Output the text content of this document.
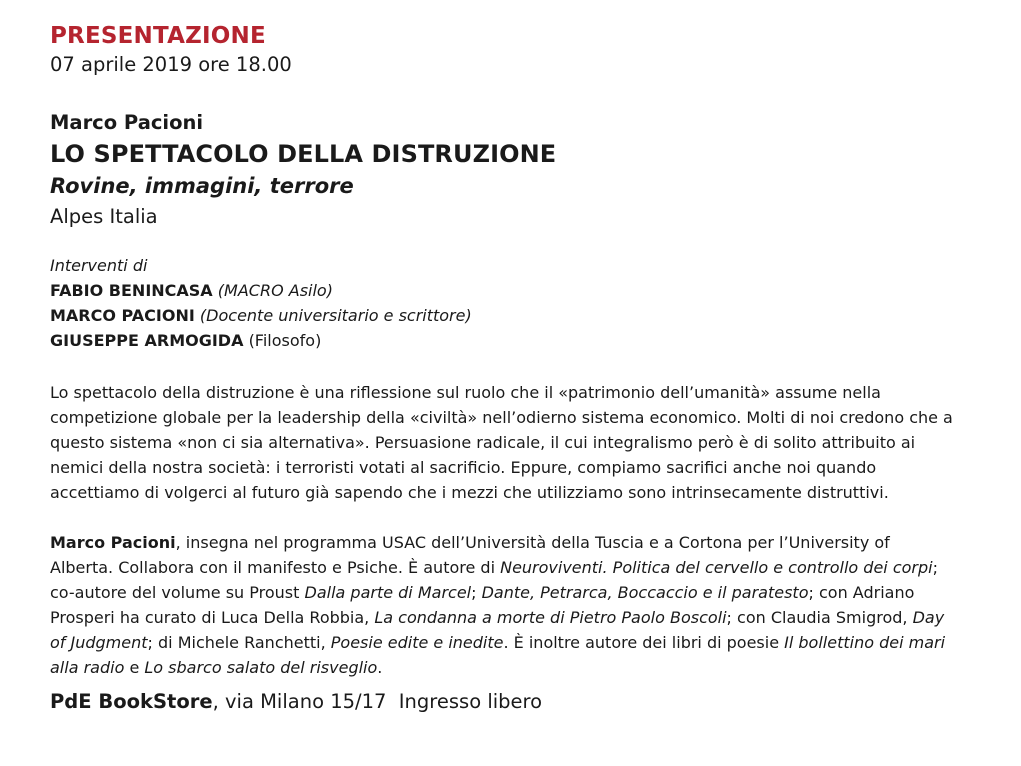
PRESENTAZIONE
07 aprile 2019 ore 18.00
Marco Pacioni
LO SPETTACOLO DELLA DISTRUZIONE
Rovine, immagini, terrore
Alpes Italia
Interventi di
FABIO BENINCASA (MACRO Asilo)
MARCO PACIONI (Docente universitario e scrittore)
GIUSEPPE ARMOGIDA (Filosofo)
Lo spettacolo della distruzione è una riflessione sul ruolo che il «patrimonio dell’umanità» assume nella competizione globale per la leadership della «civiltà» nell’odierno sistema economico. Molti di noi credono che a questo sistema «non ci sia alternativa». Persuasione radicale, il cui integralismo però è di solito attribuito ai nemici della nostra società: i terroristi votati al sacrificio. Eppure, compiamo sacrifici anche noi quando accettiamo di volgerci al futuro già sapendo che i mezzi che utilizziamo sono intrinsecamente distruttivi.
Marco Pacioni, insegna nel programma USAC dell’Università della Tuscia e a Cortona per l’University of Alberta. Collabora con il manifesto e Psiche. È autore di Neuroviventi. Politica del cervello e controllo dei corpi; co-autore del volume su Proust Dalla parte di Marcel; Dante, Petrarca, Boccaccio e il paratesto; con Adriano Prosperi ha curato di Luca Della Robbia, La condanna a morte di Pietro Paolo Boscoli; con Claudia Smigrod, Day of Judgment; di Michele Ranchetti, Poesie edite e inedite. È inoltre autore dei libri di poesie Il bollettino dei mari alla radio e Lo sbarco salato del risveglio.
PdE BookStore, via Milano 15/17 Ingresso libero
